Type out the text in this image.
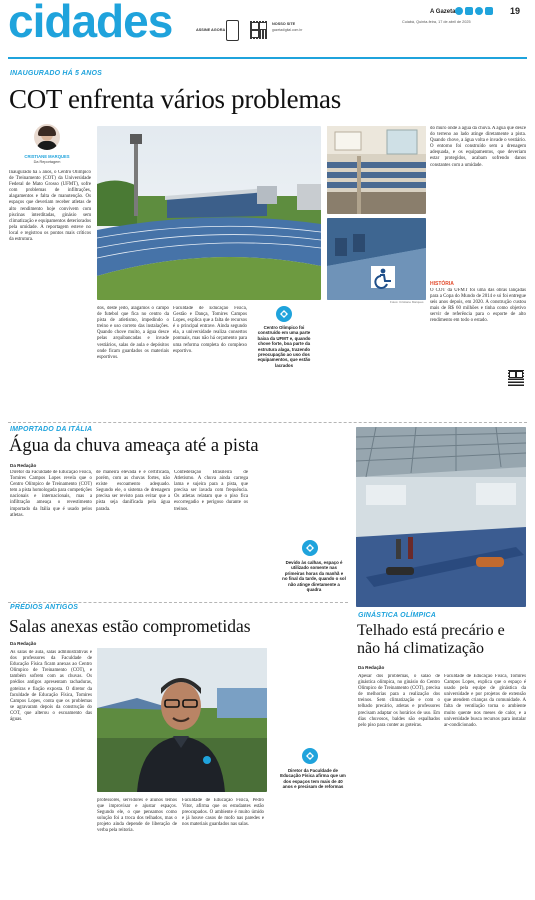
cidades	ASSINE AGORA
NOSSO SITE
gazetadigital.com.br
A Gazeta	19
Cuiabá, Quinta-feira, 17 de abril de 2025
INAUGURADO HÁ 5 ANOS
COT enfrenta vários problemas
CRISTIANE MARQUES
Da Reportagem
Inaugurado há 5 anos, o Centro Olímpico de Treinamento (COT) da Universidade Federal de Mato Grosso (UFMT), sofre com problemas de infiltrações, alagamentos e falta de manutenção. Os espaços que deveriam receber atletas de alto rendimento hoje convivem com piscinas interditadas, ginásio sem climatização e equipamentos deteriorados pela umidade. A reportagem esteve no local e registrou os pontos mais críticos da estrutura.
Fotos: Cristiane Marques
dos, deste jeito, alagamos o campo de futebol que fica no centro da pista de atletismo, impedindo o treino e uso correto das instalações. Quando chove muito, a água desce pelas arquibancadas e invade vestiários, salas de aula e depósitos onde ficam guardados os materiais esportivos.
Faculdade de Educação Física, Gestão e Dança, Tomires Campos Lopes, explica que a falta de recursos é o principal entrave. Ainda segundo ela, a universidade realiza consertos pontuais, mas não há orçamento para uma reforma completa do complexo esportivo.
Centro Olímpico foi construído em uma parte baixa da UFMT e, quando chove forte, boa parte da estrutura alaga, trazendo preocupação ao uso dos equipamentos, que estão lacrados
do muro onde a água da chuva. A água que desce do terreno ao lado atinge diretamente a pista. Quando chove, a água volta e invade o vestiário. O entorno foi construído sem a drenagem adequada, e os equipamentos, que deveriam estar protegidos, acabam sofrendo danos constantes com a umidade.
HISTÓRIA
O COT da UFMT foi uma das obras lançadas para a Copa do Mundo de 2014 e só foi entregue seis anos depois, em 2020. A construção custou mais de R$ 60 milhões e tinha como objetivo servir de referência para o esporte de alto rendimento em todo o estado.
IMPORTADO DA ITÁLIA
Água da chuva ameaça até a pista
Da Redação
Diretor da Faculdade de Educação Física, Tomires Campos Lopes revela que o Centro Olímpico de Treinamento (COT) tem a pista homologada para competições nacionais e internacionais, mas a infiltração ameaça o revestimento importado da Itália que é usado pelos atletas.
de maneira elevada e é certificada, porém, com as chuvas fortes, não existe escoamento adequado. Segundo ele, o sistema de drenagem precisa ser revisto para evitar que a pista seja danificada pela água parada.
Confederação Brasileira de Atletismo. A chuva ainda carrega lama e sujeira para a pista, que precisa ser lavada com frequência. Os atletas relatam que o piso fica escorregadio e perigoso durante os treinos.
Devido às calhas, espaço é utilizado somente nas primeiras horas da manhã e no final da tarde, quando o sol não atinge diretamente a quadra
PRÉDIOS ANTIGOS
Salas anexas estão comprometidas
Da Redação
As salas de aula, salas administrativas e dos professores da Faculdade de Educação Física ficam anexas ao Centro Olímpico de Treinamento (COT), e também sofrem com as chuvas. Os prédios antigos apresentam rachaduras, goteiras e fiação exposta. O diretor da faculdade de Educação Física, Tomires Campos Lopes, conta que os problemas se agravaram depois da construção do COT, que alterou o escoamento das águas.
professores, servidores e alunos temos que improvisar e ajustar espaços. Segundo ele, o que pensamos como solução foi a troca dos telhados, mas o projeto ainda depende de liberação de verba pela reitoria.
Faculdade de Educação Física, Pedro Vitor, afirma que os estudantes estão preocupados. O ambiente é muito úmido e já houve casos de mofo nas paredes e nos materiais guardados nas salas.
Diretor da Faculdade de Educação Física afirma que um dos espaços tem mais de 40 anos e precisam de reformas
GINÁSTICA OLÍMPICA
Telhado está precário e não há climatização
Da Redação
Apesar dos problemas, o salão de ginástica olímpica, no ginásio do Centro Olímpico de Treinamento (COT), precisa de melhorias para a realização dos treinos. Sem climatização e com o telhado precário, atletas e professores precisam adaptar os horários de uso. Em dias chuvosos, baldes são espalhados pelo piso para conter as goteiras.
Faculdade de Educação Física, Tomires Campos Lopes, explica que o espaço é usado pela equipe de ginástica da universidade e por projetos de extensão que atendem crianças da comunidade. A falta de ventilação torna o ambiente muito quente nos meses de calor, e a universidade busca recursos para instalar ar-condicionado.
